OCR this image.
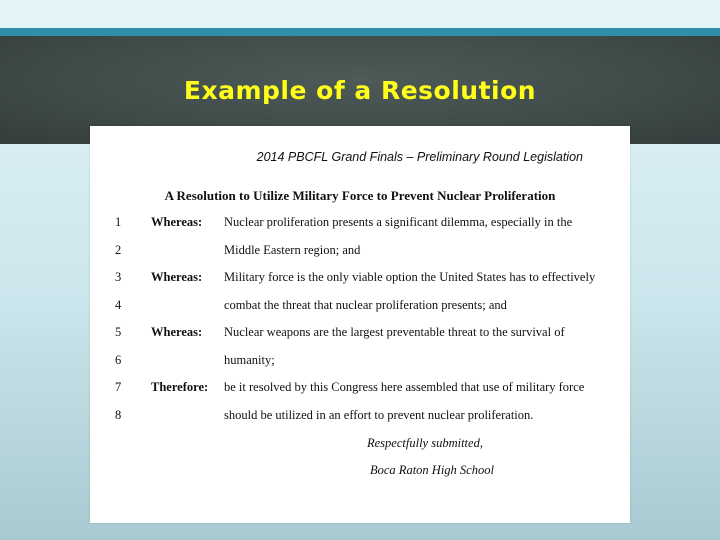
Example of a Resolution
2014 PBCFL Grand Finals – Preliminary Round Legislation
A Resolution to Utilize Military Force to Prevent Nuclear Proliferation
1 Whereas: Nuclear proliferation presents a significant dilemma, especially in the
2	Middle Eastern region; and
3 Whereas: Military force is the only viable option the United States has to effectively
4	combat the threat that nuclear proliferation presents; and
5 Whereas: Nuclear weapons are the largest preventable threat to the survival of
6	humanity;
7 Therefore: be it resolved by this Congress here assembled that use of military force
8	should be utilized in an effort to prevent nuclear proliferation.
Respectfully submitted,
Boca Raton High School
